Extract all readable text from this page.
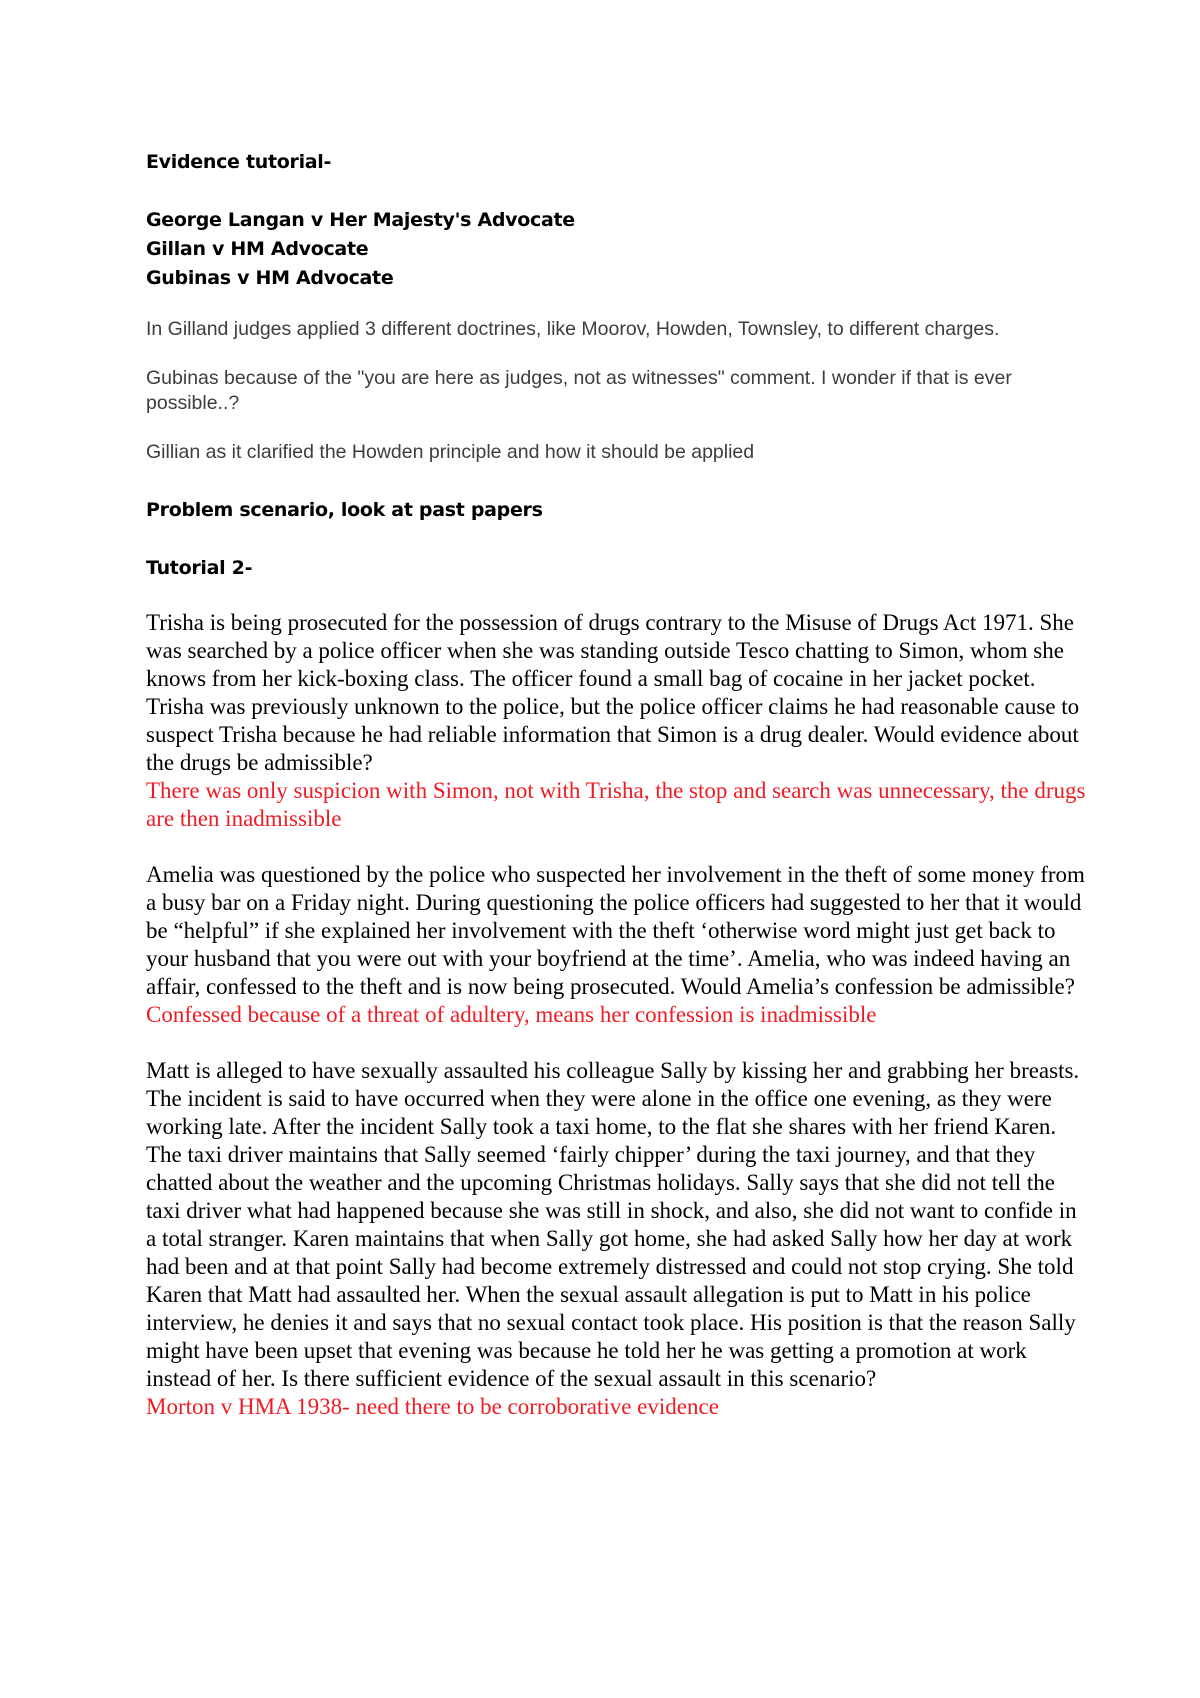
Evidence tutorial-

George Langan v Her Majesty's Advocate

Gillan v HM Advocate

Gubinas v HM Advocate

In Gilland judges applied 3 different doctrines, like Moorov, Howden, Townsley, to different charges.

Gubinas because of the "you are here as judges, not as witnesses" comment. I wonder if that is ever possible..?

Gillian as it clarified the Howden principle and how it should be applied

Problem scenario, look at past papers

Tutorial 2-

Trisha is being prosecuted for the possession of drugs contrary to the Misuse of Drugs Act 1971. She was searched by a police officer when she was standing outside Tesco chatting to Simon, whom she knows from her kick-boxing class. The officer found a small bag of cocaine in her jacket pocket. Trisha was previously unknown to the police, but the police officer claims he had reasonable cause to suspect Trisha because he had reliable information that Simon is a drug dealer. Would evidence about the drugs be admissible?

There was only suspicion with Simon, not with Trisha, the stop and search was unnecessary, the drugs are then inadmissible

Amelia was questioned by the police who suspected her involvement in the theft of some money from a busy bar on a Friday night. During questioning the police officers had suggested to her that it would be “helpful” if she explained her involvement with the theft ‘otherwise word might just get back to your husband that you were out with your boyfriend at the time’. Amelia, who was indeed having an affair, confessed to the theft and is now being prosecuted. Would Amelia’s confession be admissible?

Confessed because of a threat of adultery, means her confession is inadmissible

Matt is alleged to have sexually assaulted his colleague Sally by kissing her and grabbing her breasts. The incident is said to have occurred when they were alone in the office one evening, as they were working late. After the incident Sally took a taxi home, to the flat she shares with her friend Karen. The taxi driver maintains that Sally seemed ‘fairly chipper’ during the taxi journey, and that they chatted about the weather and the upcoming Christmas holidays. Sally says that she did not tell the taxi driver what had happened because she was still in shock, and also, she did not want to confide in a total stranger. Karen maintains that when Sally got home, she had asked Sally how her day at work had been and at that point Sally had become extremely distressed and could not stop crying. She told Karen that Matt had assaulted her. When the sexual assault allegation is put to Matt in his police interview, he denies it and says that no sexual contact took place. His position is that the reason Sally might have been upset that evening was because he told her he was getting a promotion at work instead of her. Is there sufficient evidence of the sexual assault in this scenario?

Morton v HMA 1938- need there to be corroborative evidence
